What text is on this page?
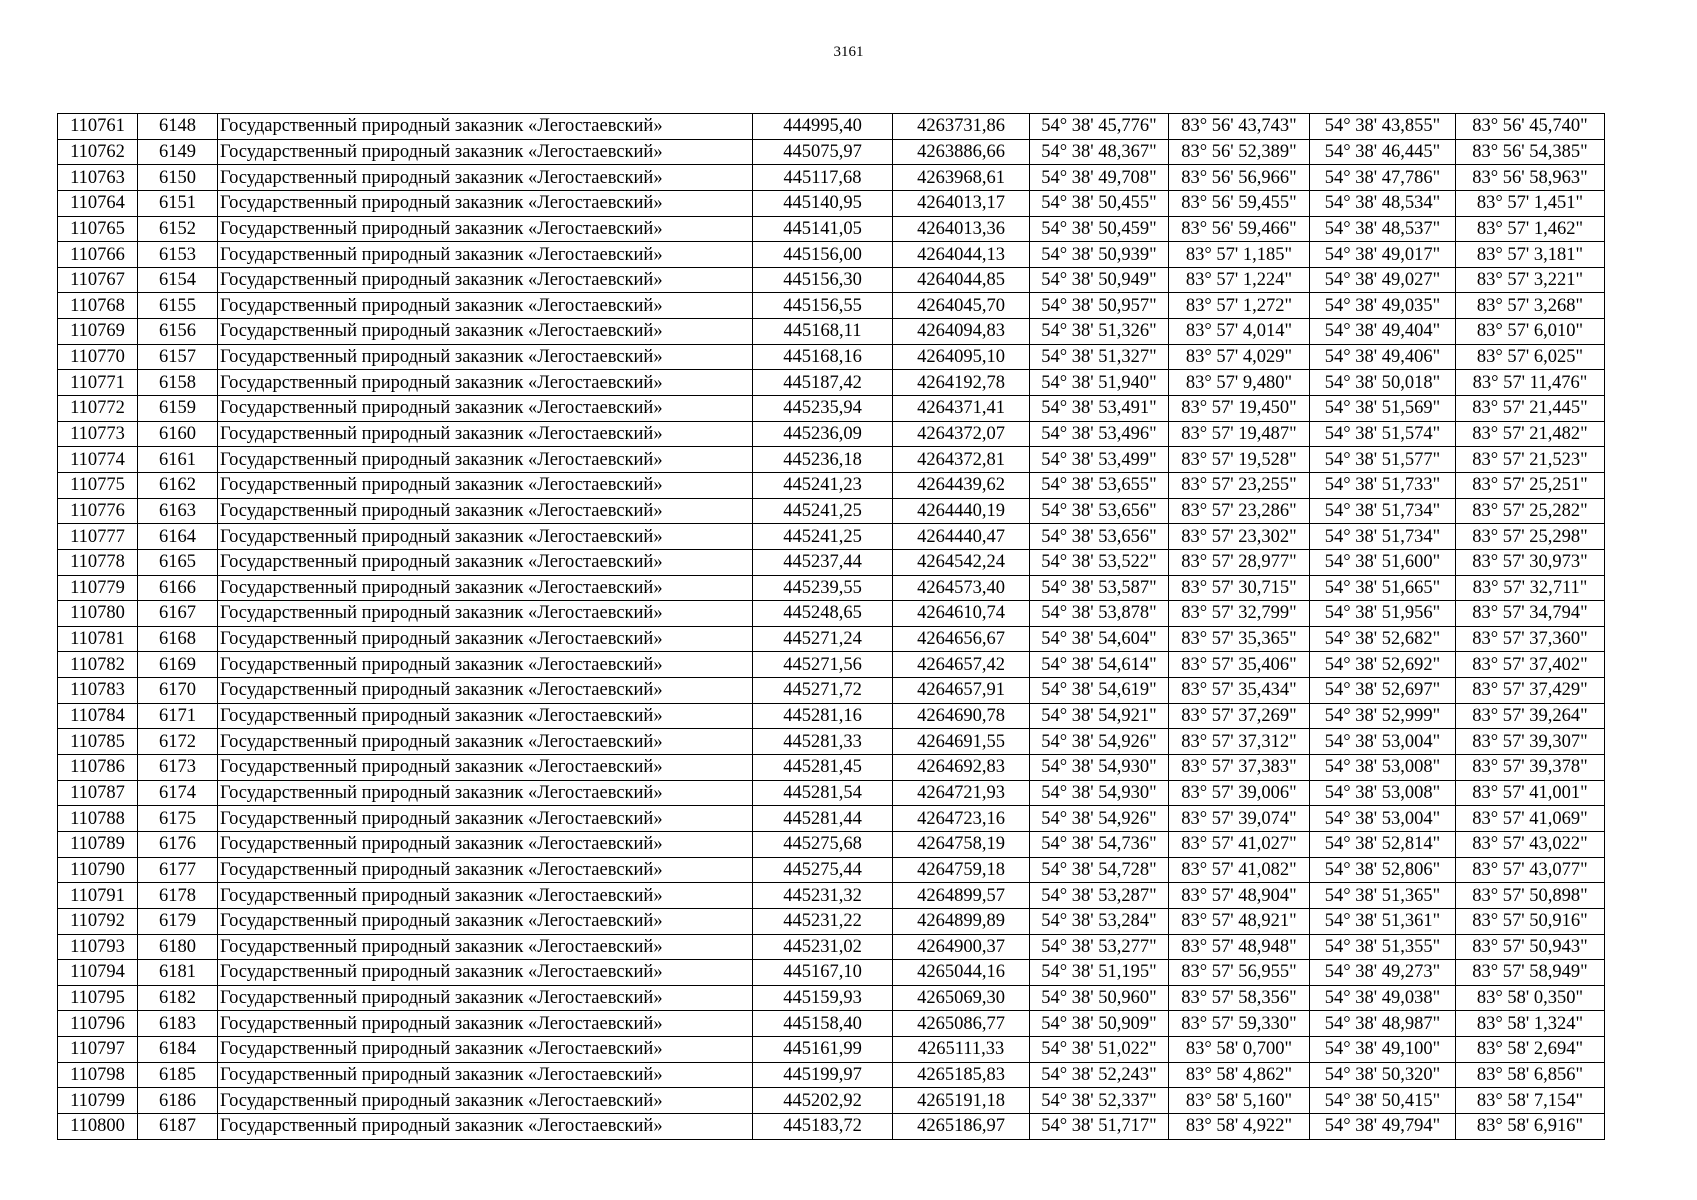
3161
110761	6148	Государственный природный заказник «Легостаевский»	444995,40	4263731,86	54° 38' 45,776"	83° 56' 43,743"	54° 38' 43,855"	83° 56' 45,740"
110762	6149	Государственный природный заказник «Легостаевский»	445075,97	4263886,66	54° 38' 48,367"	83° 56' 52,389"	54° 38' 46,445"	83° 56' 54,385"
110763	6150	Государственный природный заказник «Легостаевский»	445117,68	4263968,61	54° 38' 49,708"	83° 56' 56,966"	54° 38' 47,786"	83° 56' 58,963"
110764	6151	Государственный природный заказник «Легостаевский»	445140,95	4264013,17	54° 38' 50,455"	83° 56' 59,455"	54° 38' 48,534"	83° 57' 1,451"
110765	6152	Государственный природный заказник «Легостаевский»	445141,05	4264013,36	54° 38' 50,459"	83° 56' 59,466"	54° 38' 48,537"	83° 57' 1,462"
110766	6153	Государственный природный заказник «Легостаевский»	445156,00	4264044,13	54° 38' 50,939"	83° 57' 1,185"	54° 38' 49,017"	83° 57' 3,181"
110767	6154	Государственный природный заказник «Легостаевский»	445156,30	4264044,85	54° 38' 50,949"	83° 57' 1,224"	54° 38' 49,027"	83° 57' 3,221"
110768	6155	Государственный природный заказник «Легостаевский»	445156,55	4264045,70	54° 38' 50,957"	83° 57' 1,272"	54° 38' 49,035"	83° 57' 3,268"
110769	6156	Государственный природный заказник «Легостаевский»	445168,11	4264094,83	54° 38' 51,326"	83° 57' 4,014"	54° 38' 49,404"	83° 57' 6,010"
110770	6157	Государственный природный заказник «Легостаевский»	445168,16	4264095,10	54° 38' 51,327"	83° 57' 4,029"	54° 38' 49,406"	83° 57' 6,025"
110771	6158	Государственный природный заказник «Легостаевский»	445187,42	4264192,78	54° 38' 51,940"	83° 57' 9,480"	54° 38' 50,018"	83° 57' 11,476"
110772	6159	Государственный природный заказник «Легостаевский»	445235,94	4264371,41	54° 38' 53,491"	83° 57' 19,450"	54° 38' 51,569"	83° 57' 21,445"
110773	6160	Государственный природный заказник «Легостаевский»	445236,09	4264372,07	54° 38' 53,496"	83° 57' 19,487"	54° 38' 51,574"	83° 57' 21,482"
110774	6161	Государственный природный заказник «Легостаевский»	445236,18	4264372,81	54° 38' 53,499"	83° 57' 19,528"	54° 38' 51,577"	83° 57' 21,523"
110775	6162	Государственный природный заказник «Легостаевский»	445241,23	4264439,62	54° 38' 53,655"	83° 57' 23,255"	54° 38' 51,733"	83° 57' 25,251"
110776	6163	Государственный природный заказник «Легостаевский»	445241,25	4264440,19	54° 38' 53,656"	83° 57' 23,286"	54° 38' 51,734"	83° 57' 25,282"
110777	6164	Государственный природный заказник «Легостаевский»	445241,25	4264440,47	54° 38' 53,656"	83° 57' 23,302"	54° 38' 51,734"	83° 57' 25,298"
110778	6165	Государственный природный заказник «Легостаевский»	445237,44	4264542,24	54° 38' 53,522"	83° 57' 28,977"	54° 38' 51,600"	83° 57' 30,973"
110779	6166	Государственный природный заказник «Легостаевский»	445239,55	4264573,40	54° 38' 53,587"	83° 57' 30,715"	54° 38' 51,665"	83° 57' 32,711"
110780	6167	Государственный природный заказник «Легостаевский»	445248,65	4264610,74	54° 38' 53,878"	83° 57' 32,799"	54° 38' 51,956"	83° 57' 34,794"
110781	6168	Государственный природный заказник «Легостаевский»	445271,24	4264656,67	54° 38' 54,604"	83° 57' 35,365"	54° 38' 52,682"	83° 57' 37,360"
110782	6169	Государственный природный заказник «Легостаевский»	445271,56	4264657,42	54° 38' 54,614"	83° 57' 35,406"	54° 38' 52,692"	83° 57' 37,402"
110783	6170	Государственный природный заказник «Легостаевский»	445271,72	4264657,91	54° 38' 54,619"	83° 57' 35,434"	54° 38' 52,697"	83° 57' 37,429"
110784	6171	Государственный природный заказник «Легостаевский»	445281,16	4264690,78	54° 38' 54,921"	83° 57' 37,269"	54° 38' 52,999"	83° 57' 39,264"
110785	6172	Государственный природный заказник «Легостаевский»	445281,33	4264691,55	54° 38' 54,926"	83° 57' 37,312"	54° 38' 53,004"	83° 57' 39,307"
110786	6173	Государственный природный заказник «Легостаевский»	445281,45	4264692,83	54° 38' 54,930"	83° 57' 37,383"	54° 38' 53,008"	83° 57' 39,378"
110787	6174	Государственный природный заказник «Легостаевский»	445281,54	4264721,93	54° 38' 54,930"	83° 57' 39,006"	54° 38' 53,008"	83° 57' 41,001"
110788	6175	Государственный природный заказник «Легостаевский»	445281,44	4264723,16	54° 38' 54,926"	83° 57' 39,074"	54° 38' 53,004"	83° 57' 41,069"
110789	6176	Государственный природный заказник «Легостаевский»	445275,68	4264758,19	54° 38' 54,736"	83° 57' 41,027"	54° 38' 52,814"	83° 57' 43,022"
110790	6177	Государственный природный заказник «Легостаевский»	445275,44	4264759,18	54° 38' 54,728"	83° 57' 41,082"	54° 38' 52,806"	83° 57' 43,077"
110791	6178	Государственный природный заказник «Легостаевский»	445231,32	4264899,57	54° 38' 53,287"	83° 57' 48,904"	54° 38' 51,365"	83° 57' 50,898"
110792	6179	Государственный природный заказник «Легостаевский»	445231,22	4264899,89	54° 38' 53,284"	83° 57' 48,921"	54° 38' 51,361"	83° 57' 50,916"
110793	6180	Государственный природный заказник «Легостаевский»	445231,02	4264900,37	54° 38' 53,277"	83° 57' 48,948"	54° 38' 51,355"	83° 57' 50,943"
110794	6181	Государственный природный заказник «Легостаевский»	445167,10	4265044,16	54° 38' 51,195"	83° 57' 56,955"	54° 38' 49,273"	83° 57' 58,949"
110795	6182	Государственный природный заказник «Легостаевский»	445159,93	4265069,30	54° 38' 50,960"	83° 57' 58,356"	54° 38' 49,038"	83° 58' 0,350"
110796	6183	Государственный природный заказник «Легостаевский»	445158,40	4265086,77	54° 38' 50,909"	83° 57' 59,330"	54° 38' 48,987"	83° 58' 1,324"
110797	6184	Государственный природный заказник «Легостаевский»	445161,99	4265111,33	54° 38' 51,022"	83° 58' 0,700"	54° 38' 49,100"	83° 58' 2,694"
110798	6185	Государственный природный заказник «Легостаевский»	445199,97	4265185,83	54° 38' 52,243"	83° 58' 4,862"	54° 38' 50,320"	83° 58' 6,856"
110799	6186	Государственный природный заказник «Легостаевский»	445202,92	4265191,18	54° 38' 52,337"	83° 58' 5,160"	54° 38' 50,415"	83° 58' 7,154"
110800	6187	Государственный природный заказник «Легостаевский»	445183,72	4265186,97	54° 38' 51,717"	83° 58' 4,922"	54° 38' 49,794"	83° 58' 6,916"
